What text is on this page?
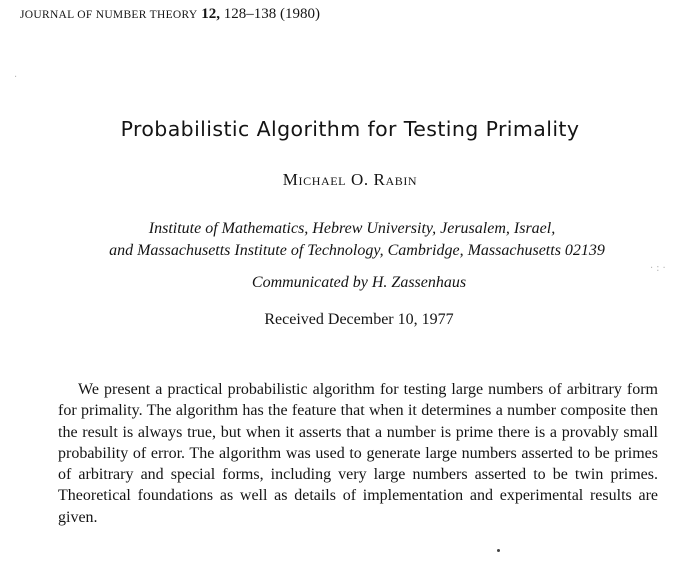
JOURNAL OF NUMBER THEORY 12, 128–138 (1980)
Probabilistic Algorithm for Testing Primality
Michael O. Rabin
Institute of Mathematics, Hebrew University, Jerusalem, Israel,
and Massachusetts Institute of Technology, Cambridge, Massachusetts 02139
Communicated by H. Zassenhaus
Received December 10, 1977

We present a practical probabilistic algorithm for testing large numbers of arbitrary form for primality. The algorithm has the feature that when it determines a number composite then the result is always true, but when it asserts that a number is prime there is a provably small probability of error. The algorithm was used to generate large numbers asserted to be primes of arbitrary and special forms, including very large numbers asserted to be twin primes. Theoretical foundations as well as details of implementation and experimental results are given.

·:·
·
